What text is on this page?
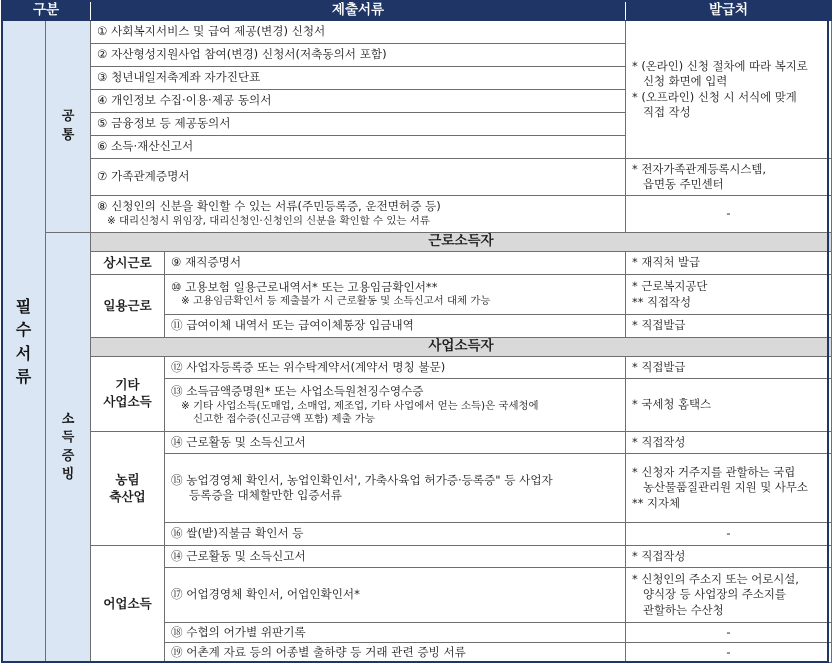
구분		제출서류		발급처

필
수
서
류	공
통	① 사회복지서비스 및 급여 제공(변경) 신청서		* (온라인) 신청 절차에 따라 복지로
신청 화면에 입력
* (오프라인) 신청 시 서식에 맞게
직접 작성

		② 자산형성지원사업 참여(변경) 신청서(저축동의서 포함)		
		③ 청년내일저축계좌 자가진단표		
		④ 개인정보 수집·이용·제공 동의서		
		⑤ 금융정보 등 제공동의서		
		⑥ 소득·재산신고서		
		⑦ 가족관계증명서		* 전자가족관계등록시스템,
읍면동 주민센터

		⑧ 신청인의 신분을 확인할 수 있는 서류(주민등록증, 운전면허증 등)
※ 대리신청시 위임장, 대리신청인·신청인의 신분을 확인할 수 있는 서류		-

	소
득
증
빙	근로소득자		
		상시근로	⑨ 재직증명서	* 재직처 발급
		일용근로	⑩ 고용보험 일용근로내역서* 또는 고용임금확인서**
※ 고용임금확인서 등 제출불가 시 근로활동 및 소득신고서 대체 가능	* 근로복지공단
** 직접작성

			⑪ 급여이체 내역서 또는 급여이체통장 입금내역	* 직접발급
		사업소득자		

		기타
사업소득	⑫ 사업자등록증 또는 위수탁계약서(계약서 명칭 불문)	* 직접발급

			⑬ 소득금액증명원* 또는 사업소득원천징수영수증
※ 기타 사업소득(도매업, 소매업, 제조업, 기타 사업에서 얻는 소득)은 국세청에
신고한 접수증(신고금액 포함) 제출 가능	* 국세청 홈택스

		농림
축산업	⑭ 근로활동 및 소득신고서	* 직접작성

			⑮ 농업경영체 확인서, 농업인확인서', 가축사육업 허가증·등록증" 등 사업자
등록증을 대체할만한 입증서류	* 신청자 거주지를 관할하는 국립
농산물품질관리원 지원 및 사무소
** 지자체

			⑯ 쌀(밭)직불금 확인서 등	-
		어업소득	⑭ 근로활동 및 소득신고서	* 직접작성
			⑰ 어업경영체 확인서, 어업인확인서*	* 신청인의 주소지 또는 어로시설,
양식장 등 사업장의 주소지를
관할하는 수산청

			⑱ 수협의 어가별 위판기록	-
			⑲ 어촌계 자료 등의 어종별 출하량 등 거래 관련 증빙 서류	-
